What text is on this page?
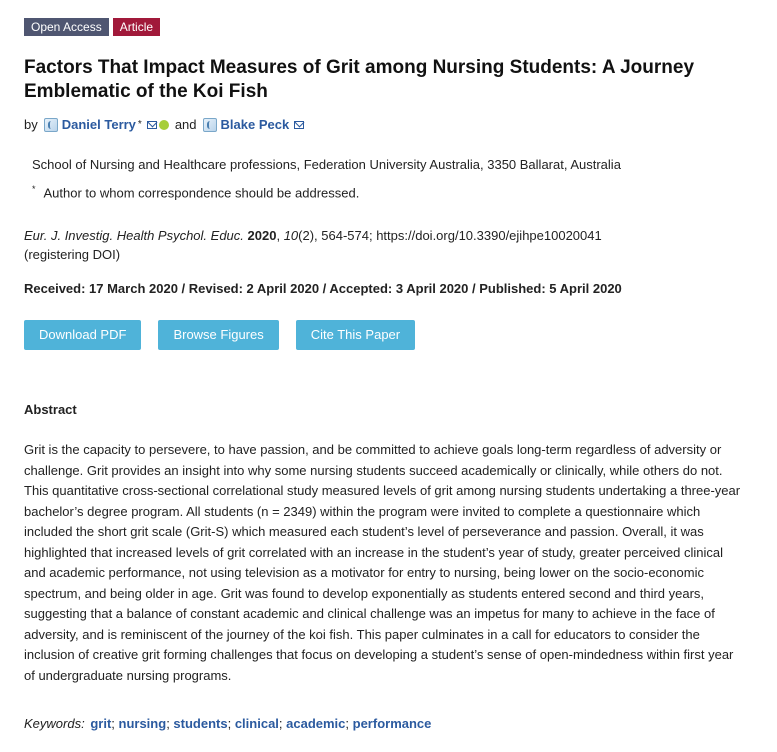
Open Access	Article
Factors That Impact Measures of Grit among Nursing Students: A Journey Emblematic of the Koi Fish
by Daniel Terry *	and Blake Peck
School of Nursing and Healthcare professions, Federation University Australia, 3350 Ballarat, Australia
* Author to whom correspondence should be addressed.
Eur. J. Investig. Health Psychol. Educ. 2020, 10(2), 564-574; https://doi.org/10.3390/ejihpe10020041
(registering DOI)
Received: 17 March 2020 / Revised: 2 April 2020 / Accepted: 3 April 2020 / Published: 5 April 2020
Download PDF	Browse Figures	Cite This Paper
Abstract
Grit is the capacity to persevere, to have passion, and be committed to achieve goals long-term regardless of adversity or challenge. Grit provides an insight into why some nursing students succeed academically or clinically, while others do not. This quantitative cross-sectional correlational study measured levels of grit among nursing students undertaking a three-year bachelor’s degree program. All students (n = 2349) within the program were invited to complete a questionnaire which included the short grit scale (Grit-S) which measured each student’s level of perseverance and passion. Overall, it was highlighted that increased levels of grit correlated with an increase in the student’s year of study, greater perceived clinical and academic performance, not using television as a motivator for entry to nursing, being lower on the socio-economic spectrum, and being older in age. Grit was found to develop exponentially as students entered second and third years, suggesting that a balance of constant academic and clinical challenge was an impetus for many to achieve in the face of adversity, and is reminiscent of the journey of the koi fish. This paper culminates in a call for educators to consider the inclusion of creative grit forming challenges that focus on developing a student’s sense of open-mindedness within first year of undergraduate nursing programs.
Keywords: grit; nursing; students; clinical; academic; performance
